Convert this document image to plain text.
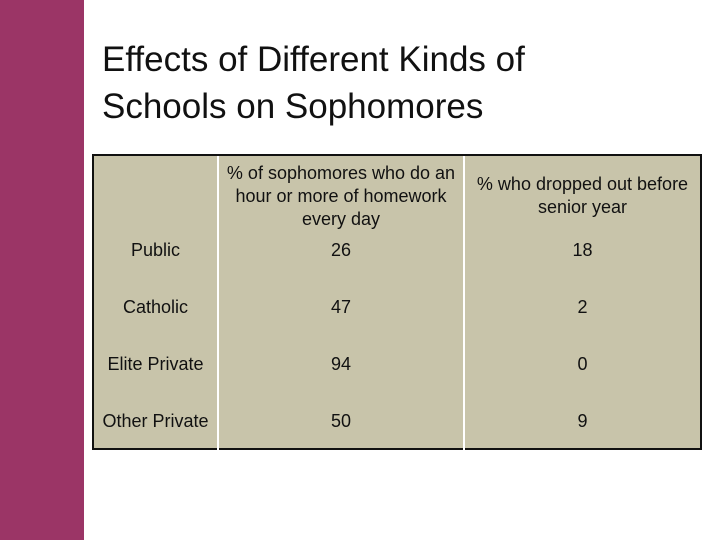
Effects of Different Kinds of
Schools on Sophomores
	% of sophomores who do an hour or more of homework every day	% who dropped out before senior year
Public	26	18
Catholic	47	2
Elite Private	94	0
Other Private	50	9
